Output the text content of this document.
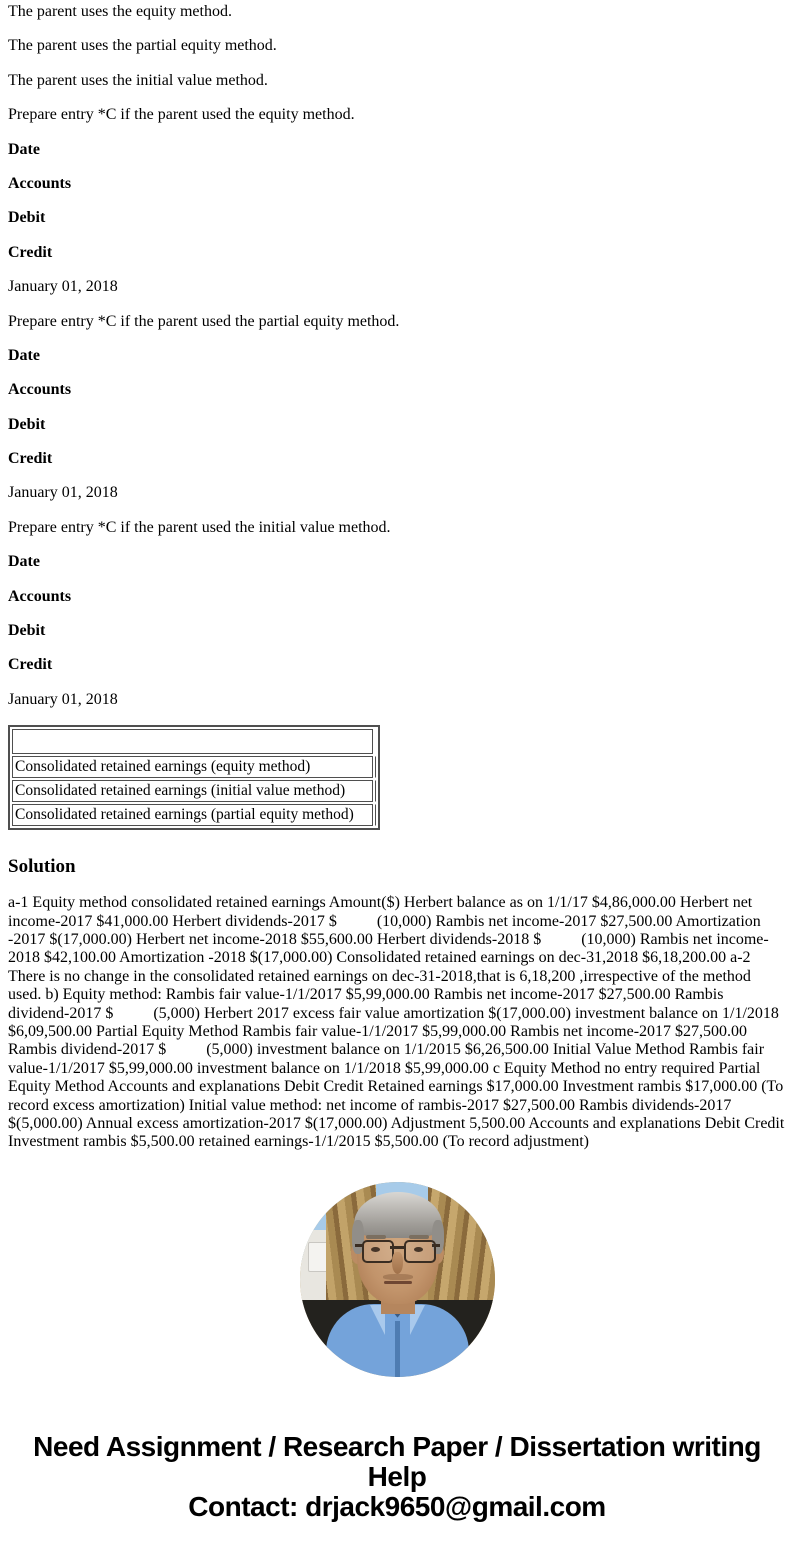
The parent uses the equity method.

The parent uses the partial equity method.

The parent uses the initial value method.

Prepare entry *C if the parent used the equity method.

Date

Accounts

Debit

Credit

January 01, 2018

Prepare entry *C if the parent used the partial equity method.

Date

Accounts

Debit

Credit

January 01, 2018

Prepare entry *C if the parent used the initial value method.

Date

Accounts

Debit

Credit

January 01, 2018

Consolidated retained earnings (equity method)	
Consolidated retained earnings (initial value method)	
Consolidated retained earnings (partial equity method)	
Solution

a-1 Equity method consolidated retained earnings Amount($) Herbert balance as on 1/1/17 $4,86,000.00 Herbert net income-2017 $41,000.00 Herbert dividends-2017 $          (10,000) Rambis net income-2017 $27,500.00 Amortization -2017 $(17,000.00) Herbert net income-2018 $55,600.00 Herbert dividends-2018 $          (10,000) Rambis net income-2018 $42,100.00 Amortization -2018 $(17,000.00) Consolidated retained earnings on dec-31,2018 $6,18,200.00 a-2 There is no change in the consolidated retained earnings on dec-31-2018,that is 6,18,200 ,irrespective of the method used. b) Equity method: Rambis fair value-1/1/2017 $5,99,000.00 Rambis net income-2017 $27,500.00 Rambis dividend-2017 $          (5,000) Herbert 2017 excess fair value amortization $(17,000.00) investment balance on 1/1/2018 $6,09,500.00 Partial Equity Method Rambis fair value-1/1/2017 $5,99,000.00 Rambis net income-2017 $27,500.00 Rambis dividend-2017 $          (5,000) investment balance on 1/1/2015 $6,26,500.00 Initial Value Method Rambis fair value-1/1/2017 $5,99,000.00 investment balance on 1/1/2018 $5,99,000.00 c Equity Method no entry required Partial Equity Method Accounts and explanations Debit Credit Retained earnings $17,000.00 Investment rambis $17,000.00 (To record excess amortization) Initial value method: net income of rambis-2017 $27,500.00 Rambis dividends-2017 $(5,000.00) Annual excess amortization-2017 $(17,000.00) Adjustment 5,500.00 Accounts and explanations Debit Credit Investment rambis $5,500.00 retained earnings-1/1/2015 $5,500.00 (To record adjustment)

Need Assignment / Research Paper / Dissertation writing Help
Contact: drjack9650@gmail.com
